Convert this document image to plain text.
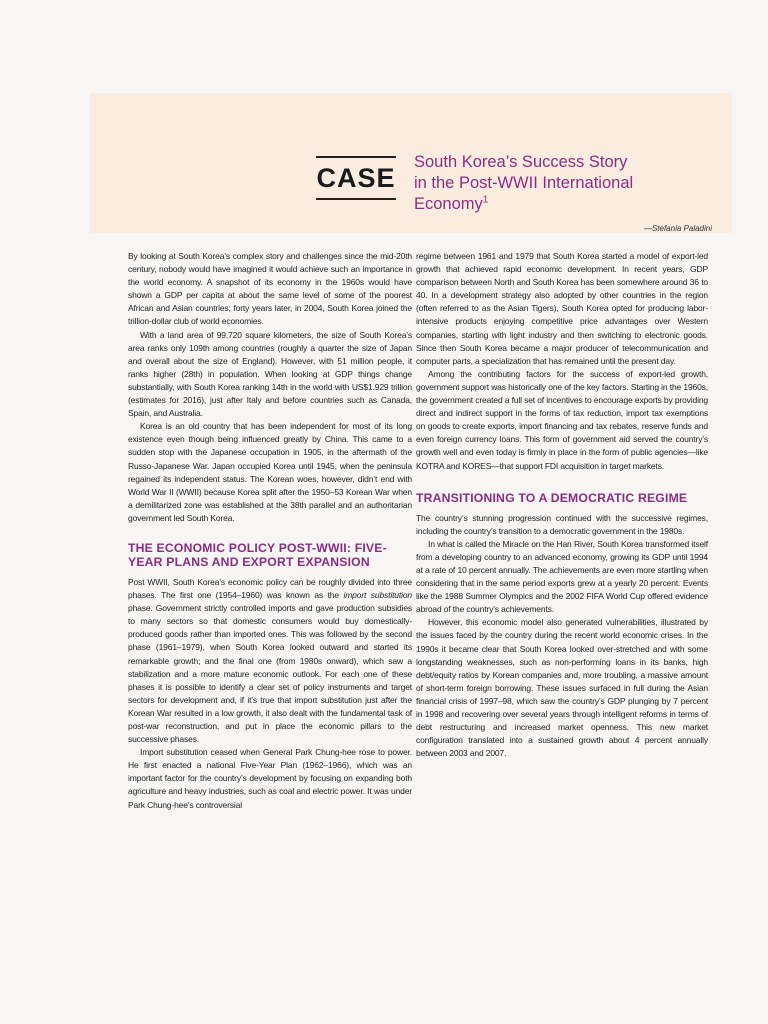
CASE
South Korea’s Success Story
in the Post-WWII International
Economy$^1$
—Stefania Paladini

By looking at South Korea’s complex story and challenges since the mid-20th century, nobody would have imagined it would achieve such an importance in the world economy. A snapshot of its economy in the 1960s would have shown a GDP per capita at about the same level of some of the poorest African and Asian countries; forty years later, in 2004, South Korea joined the trillion-dollar club of world economies.

With a land area of 99,720 square kilometers, the size of South Korea’s area ranks only 109th among countries (roughly a quarter the size of Japan and overall about the size of England). However, with 51 million people, it ranks higher (28th) in population. When looking at GDP things change substantially, with South Korea ranking 14th in the world with US$1.929 trillion (estimates for 2016), just after Italy and before countries such as Canada, Spain, and Australia.

Korea is an old country that has been independent for most of its long existence even though being influenced greatly by China. This came to a sudden stop with the Japanese occupation in 1905, in the aftermath of the Russo-Japanese War. Japan occupied Korea until 1945, when the peninsula regained its independent status. The Korean woes, however, didn’t end with World War II (WWII) because Korea split after the 1950–53 Korean War when a demilitarized zone was established at the 38th parallel and an authoritarian government led South Korea.

THE ECONOMIC POLICY POST-WWII: FIVE-YEAR PLANS AND EXPORT EXPANSION

Post WWII, South Korea’s economic policy can be roughly divided into three phases. The first one (1954–1960) was known as the import substitution phase. Government strictly controlled imports and gave production subsidies to many sectors so that domestic consumers would buy domestically-produced goods rather than imported ones. This was followed by the second phase (1961–1979), when South Korea looked outward and started its remarkable growth; and the final one (from 1980s onward), which saw a stabilization and a more mature economic outlook. For each one of these phases it is possible to identify a clear set of policy instruments and target sectors for development and, if it’s true that import substitution just after the Korean War resulted in a low growth, it also dealt with the fundamental task of post-war reconstruction, and put in place the economic pillars to the successive phases.

Import substitution ceased when General Park Chung-hee rose to power. He first enacted a national Five-Year Plan (1962–1966), which was an important factor for the country’s development by focusing on expanding both agriculture and heavy industries, such as coal and electric power. It was under Park Chung-hee’s controversial

regime between 1961 and 1979 that South Korea started a model of export-led growth that achieved rapid economic development. In recent years, GDP comparison between North and South Korea has been somewhere around 36 to 40. In a development strategy also adopted by other countries in the region (often referred to as the Asian Tigers), South Korea opted for producing labor-intensive products enjoying competitive price advantages over Western companies, starting with light industry and then switching to electronic goods. Since then South Korea became a major producer of telecommunication and computer parts, a specialization that has remained until the present day.

Among the contributing factors for the success of export-led growth, government support was historically one of the key factors. Starting in the 1960s, the government created a full set of incentives to encourage exports by providing direct and indirect support in the forms of tax reduction, import tax exemptions on goods to create exports, import financing and tax rebates, reserve funds and even foreign currency loans. This form of government aid served the country’s growth well and even today is firmly in place in the form of public agencies—like KOTRA and KORES—that support FDI acquisition in target markets.

TRANSITIONING TO A DEMOCRATIC REGIME

The country’s stunning progression continued with the successive regimes, including the country’s transition to a democratic government in the 1980s.

In what is called the Miracle on the Han River, South Korea transformed itself from a developing country to an advanced economy, growing its GDP until 1994 at a rate of 10 percent annually. The achievements are even more startling when considering that in the same period exports grew at a yearly 20 percent. Events like the 1988 Summer Olympics and the 2002 FIFA World Cup offered evidence abroad of the country’s achievements.

However, this economic model also generated vulnerabilities, illustrated by the issues faced by the country during the recent world economic crises. In the 1990s it became clear that South Korea looked over-stretched and with some longstanding weaknesses, such as non-performing loans in its banks, high debt/equity ratios by Korean companies and, more troubling, a massive amount of short-term foreign borrowing. These issues surfaced in full during the Asian financial crisis of 1997–98, which saw the country’s GDP plunging by 7 percent in 1998 and recovering over several years through intelligent reforms in terms of debt restructuring and increased market openness. This new market configuration translated into a sustained growth about 4 percent annually between 2003 and 2007.
